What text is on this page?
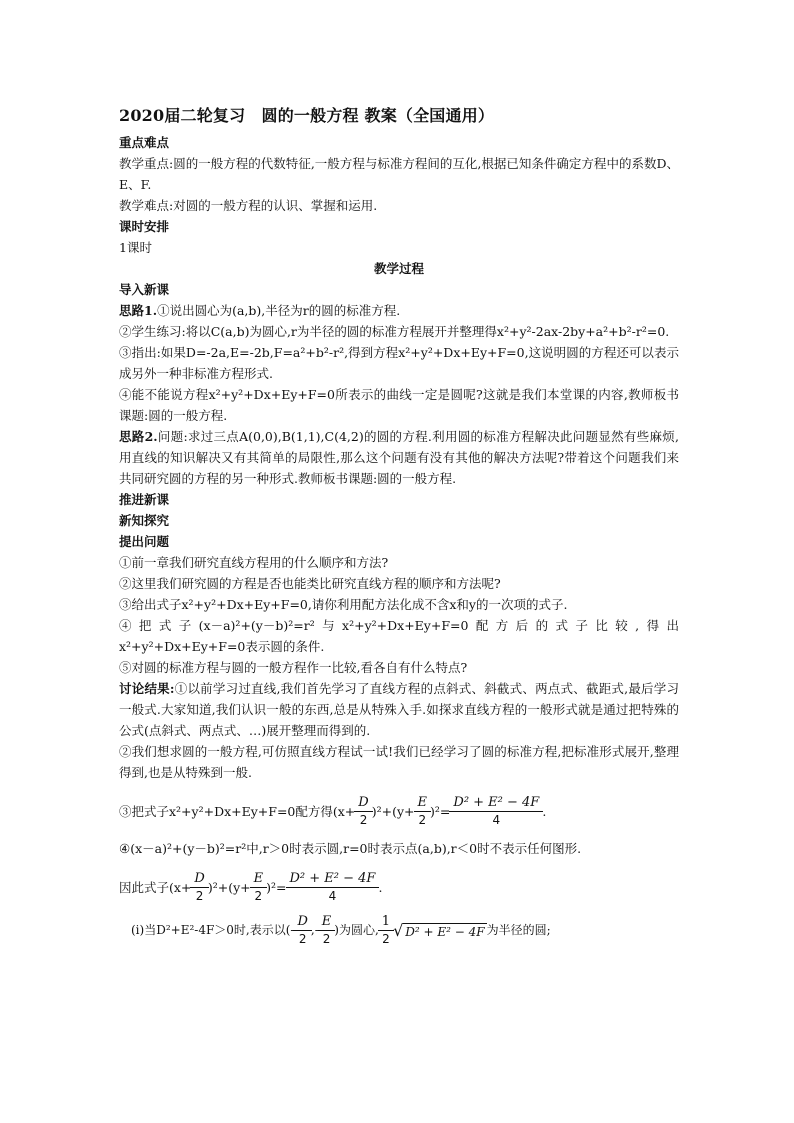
2020届二轮复习　圆的一般方程 教案（全国通用）
重点难点

教学重点:圆的一般方程的代数特征,一般方程与标准方程间的互化,根据已知条件确定方程中的系数D、E、F.

教学难点:对圆的一般方程的认识、掌握和运用.

课时安排

1课时

教学过程
导入新课

思路1.①说出圆心为(a,b),半径为r的圆的标准方程.

②学生练习:将以C(a,b)为圆心,r为半径的圆的标准方程展开并整理得x²+y²-2ax-2by+a²+b²-r²=0.

③指出:如果D=-2a,E=-2b,F=a²+b²-r²,得到方程x²+y²+Dx+Ey+F=0,这说明圆的方程还可以表示成另外一种非标准方程形式.

④能不能说方程x²+y²+Dx+Ey+F=0所表示的曲线一定是圆呢?这就是我们本堂课的内容,教师板书课题:圆的一般方程.

思路2.问题:求过三点A(0,0),B(1,1),C(4,2)的圆的方程.利用圆的标准方程解决此问题显然有些麻烦,用直线的知识解决又有其简单的局限性,那么这个问题有没有其他的解决方法呢?带着这个问题我们来共同研究圆的方程的另一种形式.教师板书课题:圆的一般方程.

推进新课
新知探究
提出问题

①前一章我们研究直线方程用的什么顺序和方法?

②这里我们研究圆的方程是否也能类比研究直线方程的顺序和方法呢?

③给出式子x²+y²+Dx+Ey+F=0,请你利用配方法化成不含x和y的一次项的式子.

④把式子(x－a)²+(y－b)²=r²与x²+y²+Dx+Ey+F=0配方后的式子比较,得出x²+y²+Dx+Ey+F=0表示圆的条件.

⑤对圆的标准方程与圆的一般方程作一比较,看各自有什么特点?

讨论结果:①以前学习过直线,我们首先学习了直线方程的点斜式、斜截式、两点式、截距式,最后学习一般式.大家知道,我们认识一般的东西,总是从特殊入手.如探求直线方程的一般形式就是通过把特殊的公式(点斜式、两点式、…)展开整理而得到的.

②我们想求圆的一般方程,可仿照直线方程试一试!我们已经学习了圆的标准方程,把标准形式展开,整理得到,也是从特殊到一般.

③把式子x²+y²+Dx+Ey+F=0配方得$(x+ \frac{D}{2} )^2+(y+ \frac{E}{2} )^2= \frac{\text{D² + E² − 4F}}{4}$ .

④(x－a)²+(y－b)²=r²中,r＞0时表示圆,r=0时表示点(a,b),r＜0时不表示任何图形.

因此式子$(x+ \frac{D}{2} )^2+(y+ \frac{E}{2} )^2= \frac{\text{D² + E² − 4F}}{4}$ .
(ⅰ)当D²+E²-4F＞0时,表示以(- $\frac{D}{2}$ ,- $\frac{E}{2}$ )为圆心, $\frac{1}{2}$ √ D² + E² − 4F 为半径的圆;
